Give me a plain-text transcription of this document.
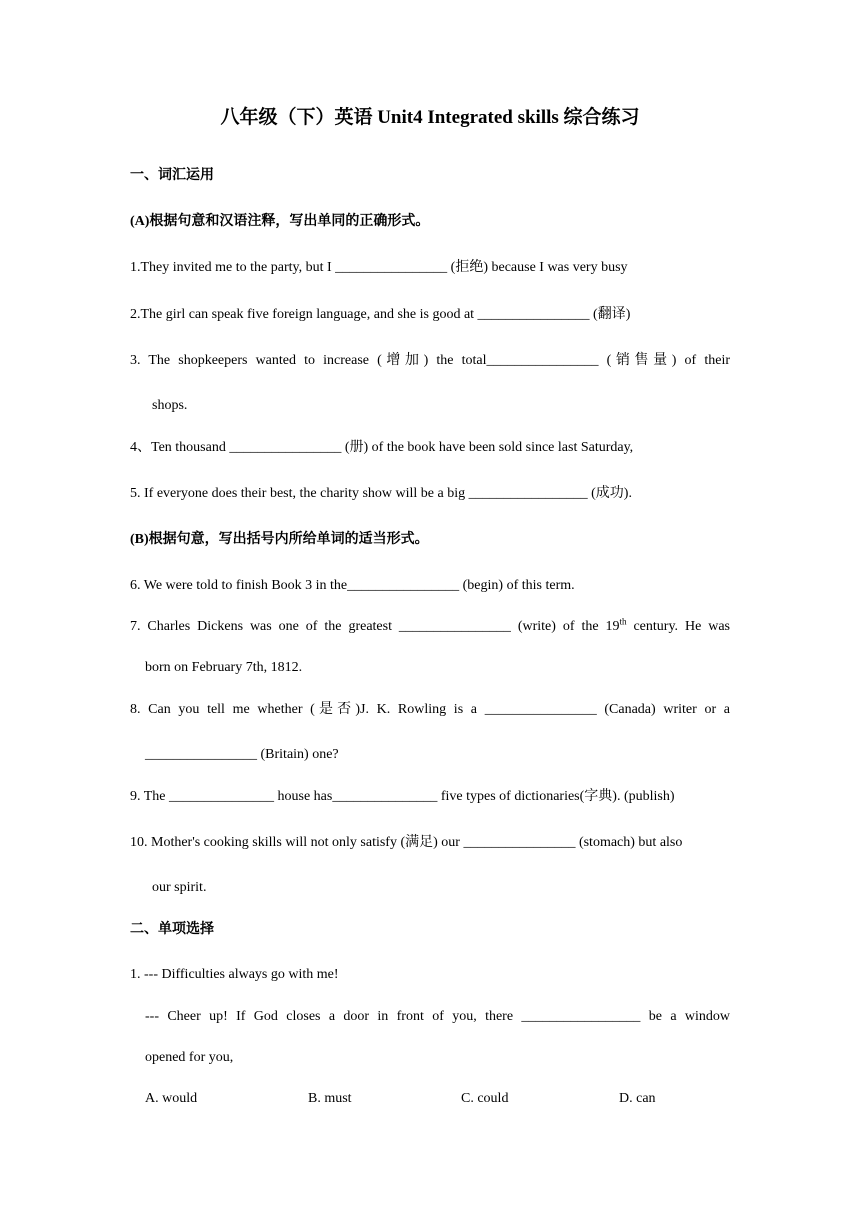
八年级（下）英语 Unit4 Integrated skills 综合练习
一、词汇运用
(A)根据句意和汉语注释，写出单同的正确形式。
1.They invited me to the party, but I ________________ (拒绝) because I was very busy
2.The girl can speak five foreign language, and she is good at ________________ (翻译)
3. The shopkeepers wanted to increase (增加) the total________________ (销售量) of their
shops.
4、Ten thousand ________________ (册) of the book have been sold since last Saturday,
5. If everyone does their best, the charity show will be a big _________________ (成功).
(B)根据句意，写出括号内所给单词的适当形式。
6. We were told to finish Book 3 in the________________ (begin) of this term.
7. Charles Dickens was one of the greatest ________________ (write) of the 19th century. He was
born on February 7th, 1812.
8. Can you tell me whether (是否)J. K. Rowling is a ________________ (Canada) writer or a
________________ (Britain) one?
9. The _______________ house has_______________ five types of dictionaries(字典). (publish)
10. Mother's cooking skills will not only satisfy (满足) our ________________ (stomach) but also
our spirit.
二、单项选择
1. --- Difficulties always go with me!
--- Cheer up! If God closes a door in front of you, there _________________ be a window
opened for you,
A. would	B. must	C. could	D. can
